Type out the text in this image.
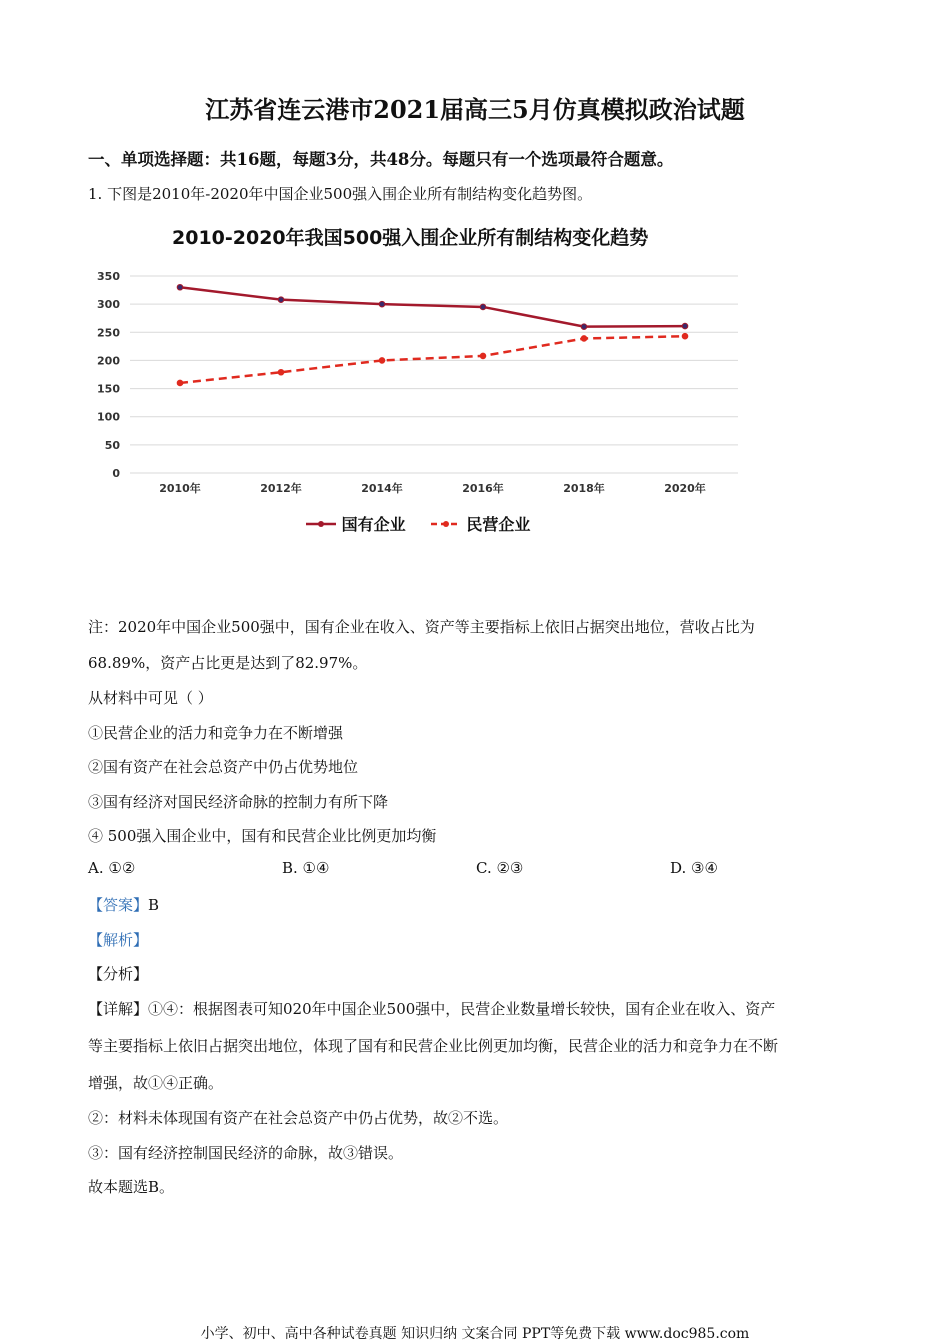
江苏省连云港市2021届高三5月仿真模拟政治试题
一、单项选择题：共16题，每题3分，共48分。每题只有一个选项最符合题意。
1. 下图是2010年-2020年中国企业500强入围企业所有制结构变化趋势图。
2010-2020年我国500强入围企业所有制结构变化趋势
0
50
100
150
200
250
300
350
2010年	2012年	2014年	2016年	2018年	2020年
国有企业	民营企业
注：2020年中国企业500强中，国有企业在收入、资产等主要指标上依旧占据突出地位，营收占比为
68.89%，资产占比更是达到了82.97%。
从材料中可见（ ）
①民营企业的活力和竞争力在不断增强
②国有资产在社会总资产中仍占优势地位
③国有经济对国民经济命脉的控制力有所下降
④ 500强入围企业中，国有和民营企业比例更加均衡
A. ①②	B. ①④	C. ②③	D. ③④
【答案】B
【解析】
【分析】
【详解】①④：根据图表可知020年中国企业500强中，民营企业数量增长较快，国有企业在收入、资产
等主要指标上依旧占据突出地位，体现了国有和民营企业比例更加均衡，民营企业的活力和竞争力在不断
增强，故①④正确。
②：材料未体现国有资产在社会总资产中仍占优势，故②不选。
③：国有经济控制国民经济的命脉，故③错误。
故本题选B。
小学、初中、高中各种试卷真题 知识归纳 文案合同 PPT等免费下载 www.doc985.com
